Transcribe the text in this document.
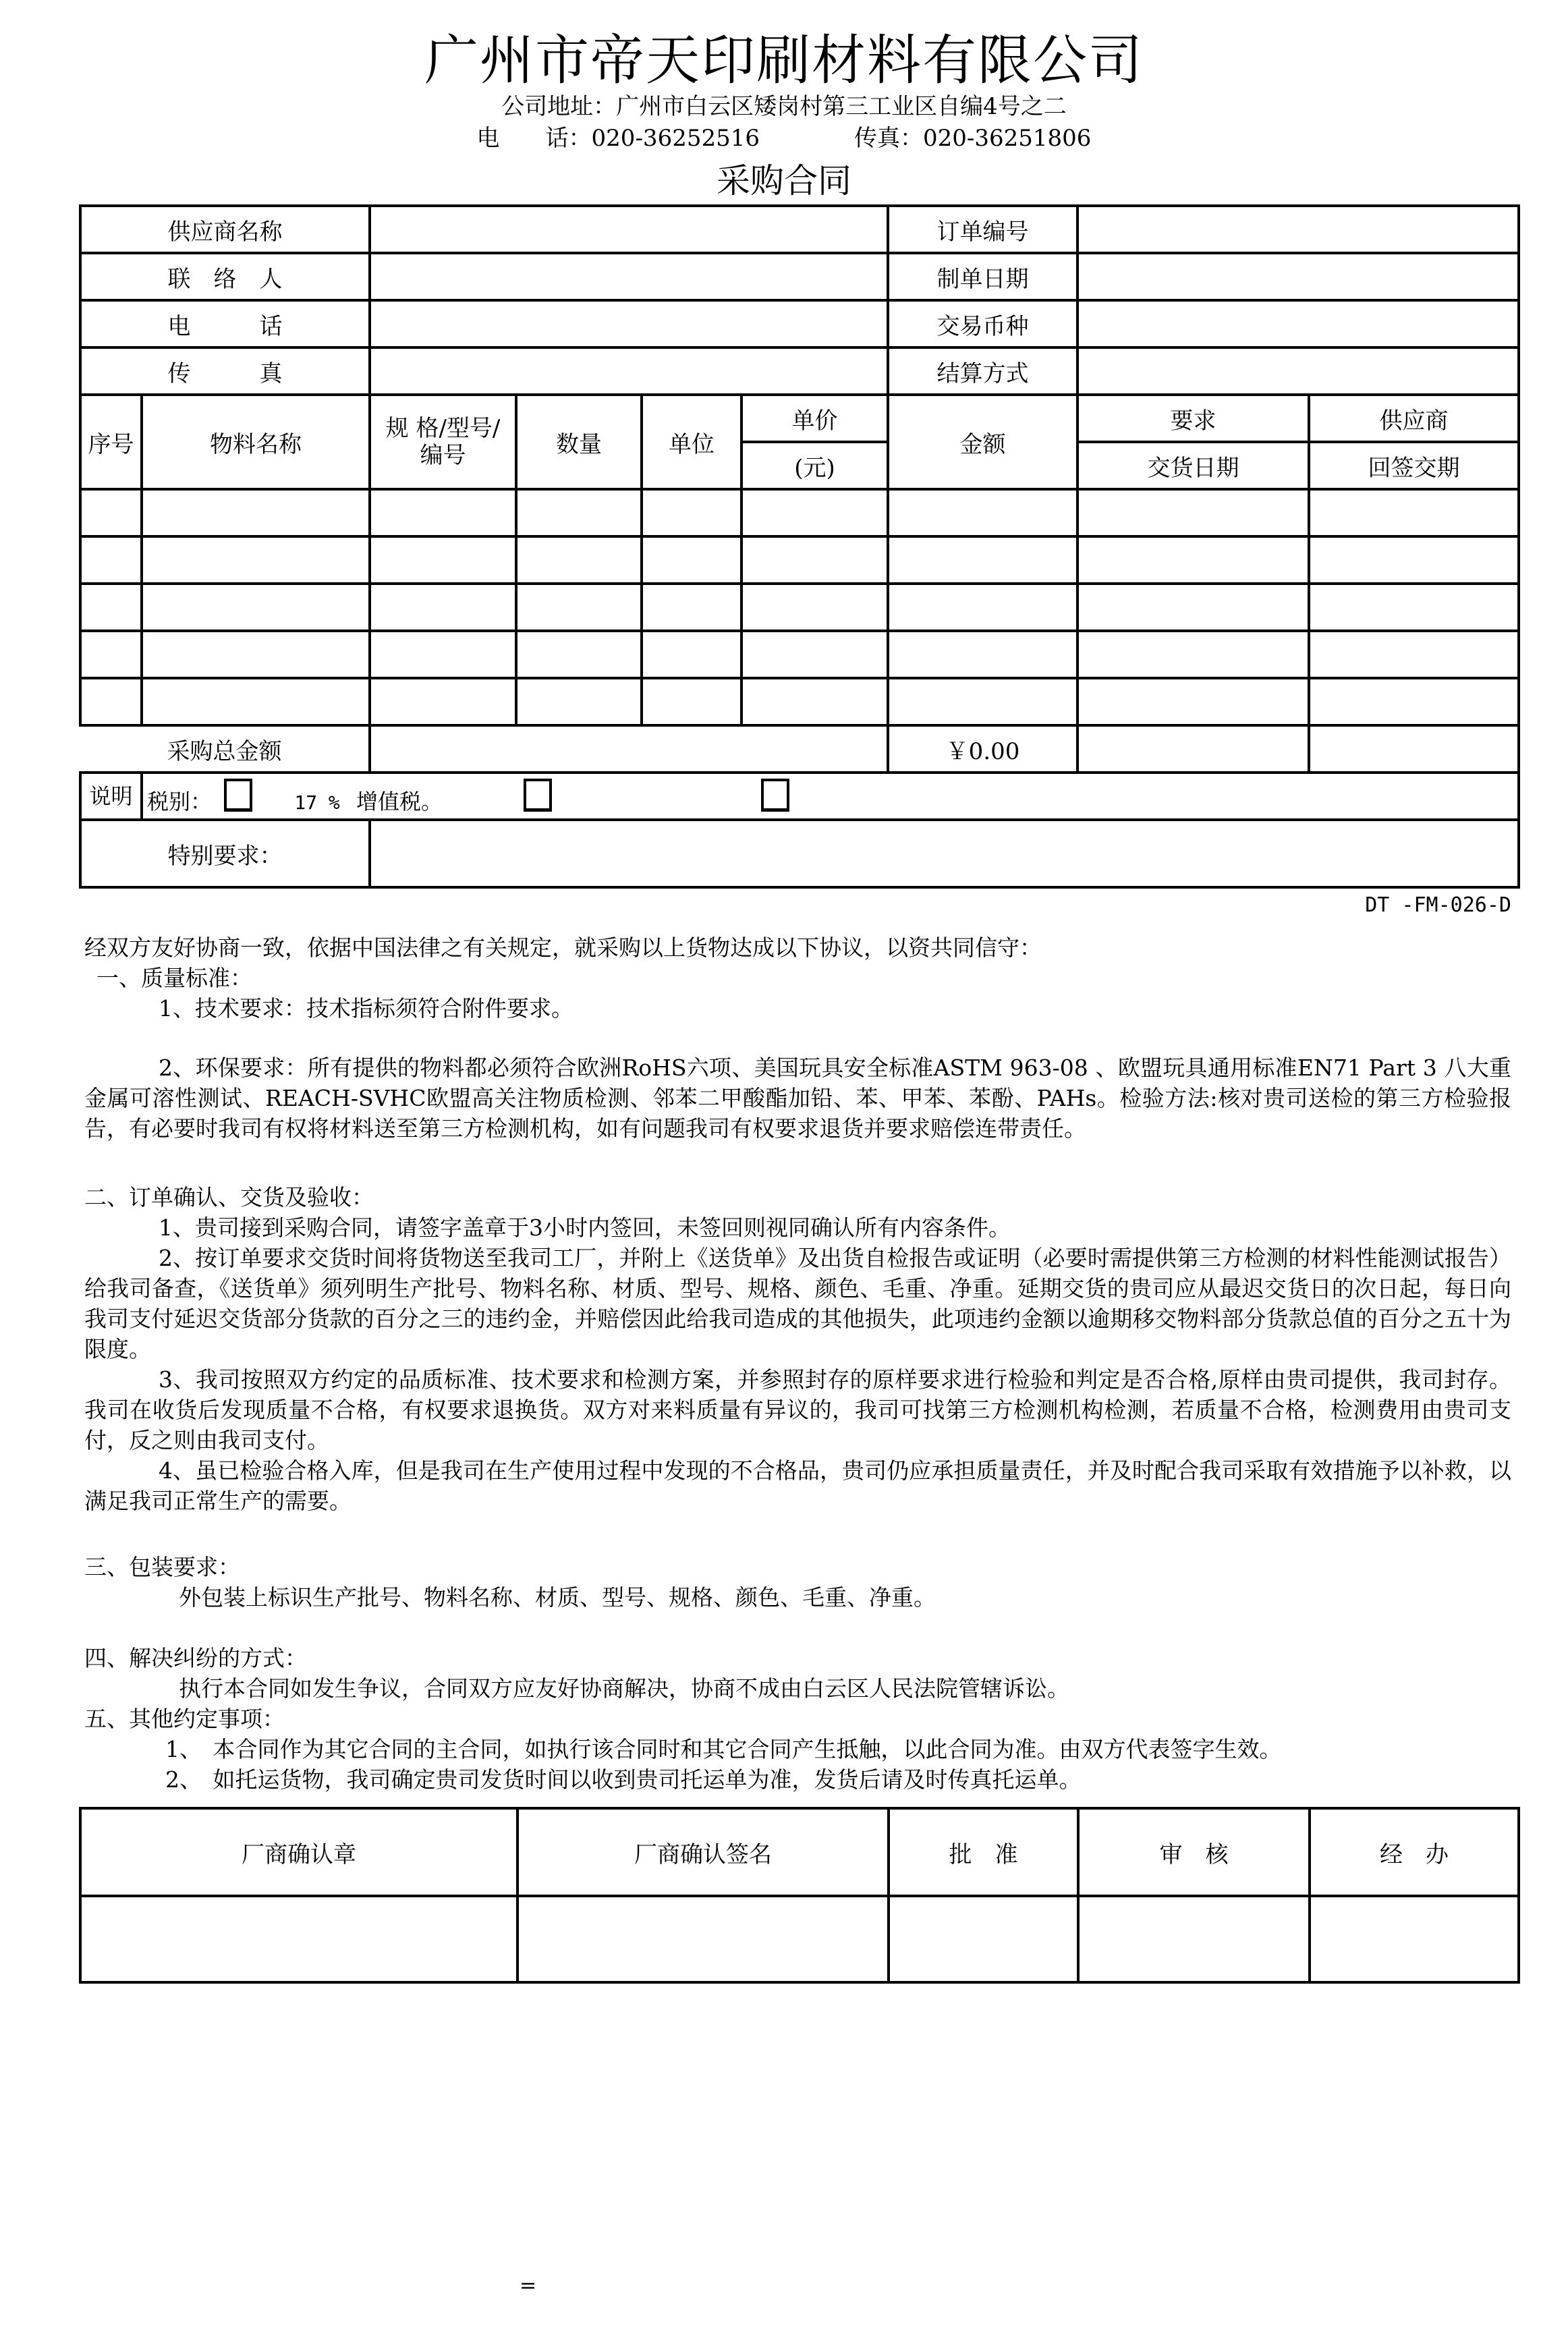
广州市帝天印刷材料有限公司
公司地址：广州市白云区矮岗村第三工业区自编4号之二
电　　话：020-36252516	传真：020-36251806
采购合同
供应商名称						订单编号		
联　络　人						制单日期		
电　　　话						交易币种		
传　　　真						结算方式		
序号	物料名称	规 格/型号/编号	数量	单位	单价	金额	要求	供应商
					(元)		交货日期	回签交期

采购总金额						￥0.00		
说明	税别： 17 % 增值税。							
特别要求：								
DT -FM-026-D
经双方友好协商一致，依据中国法律之有关规定，就采购以上货物达成以下协议，以资共同信守：
一、质量标准：
1、技术要求：技术指标须符合附件要求。
2、环保要求：所有提供的物料都必须符合欧洲RoHS六项、美国玩具安全标准ASTM 963-08 、欧盟玩具通用标准EN71 Part 3 八大重金属可溶性测试、REACH-SVHC欧盟高关注物质检测、邻苯二甲酸酯加铅、苯、甲苯、苯酚、PAHs。检验方法:核对贵司送检的第三方检验报告，有必要时我司有权将材料送至第三方检测机构，如有问题我司有权要求退货并要求赔偿连带责任。
二、订单确认、交货及验收：
1、贵司接到采购合同，请签字盖章于3小时内签回，未签回则视同确认所有内容条件。
2、按订单要求交货时间将货物送至我司工厂，并附上《送货单》及出货自检报告或证明（必要时需提供第三方检测的材料性能测试报告）给我司备查，《送货单》须列明生产批号、物料名称、材质、型号、规格、颜色、毛重、净重。延期交货的贵司应从最迟交货日的次日起，每日向我司支付延迟交货部分货款的百分之三的违约金，并赔偿因此给我司造成的其他损失，此项违约金额以逾期移交物料部分货款总值的百分之五十为限度。
3、我司按照双方约定的品质标准、技术要求和检测方案，并参照封存的原样要求进行检验和判定是否合格,原样由贵司提供，我司封存。我司在收货后发现质量不合格，有权要求退换货。双方对来料质量有异议的，我司可找第三方检测机构检测，若质量不合格，检测费用由贵司支付，反之则由我司支付。
4、虽已检验合格入库，但是我司在生产使用过程中发现的不合格品，贵司仍应承担质量责任，并及时配合我司采取有效措施予以补救，以满足我司正常生产的需要。
三、包装要求：
外包装上标识生产批号、物料名称、材质、型号、规格、颜色、毛重、净重。
四、解决纠纷的方式：
执行本合同如发生争议，合同双方应友好协商解决，协商不成由白云区人民法院管辖诉讼。
五、其他约定事项：
1、　本合同作为其它合同的主合同，如执行该合同时和其它合同产生抵触，以此合同为准。由双方代表签字生效。
2、　如托运货物，我司确定贵司发货时间以收到贵司托运单为准，发货后请及时传真托运单。
厂商确认章	厂商确认签名	批　准	审　核	经　办

=
